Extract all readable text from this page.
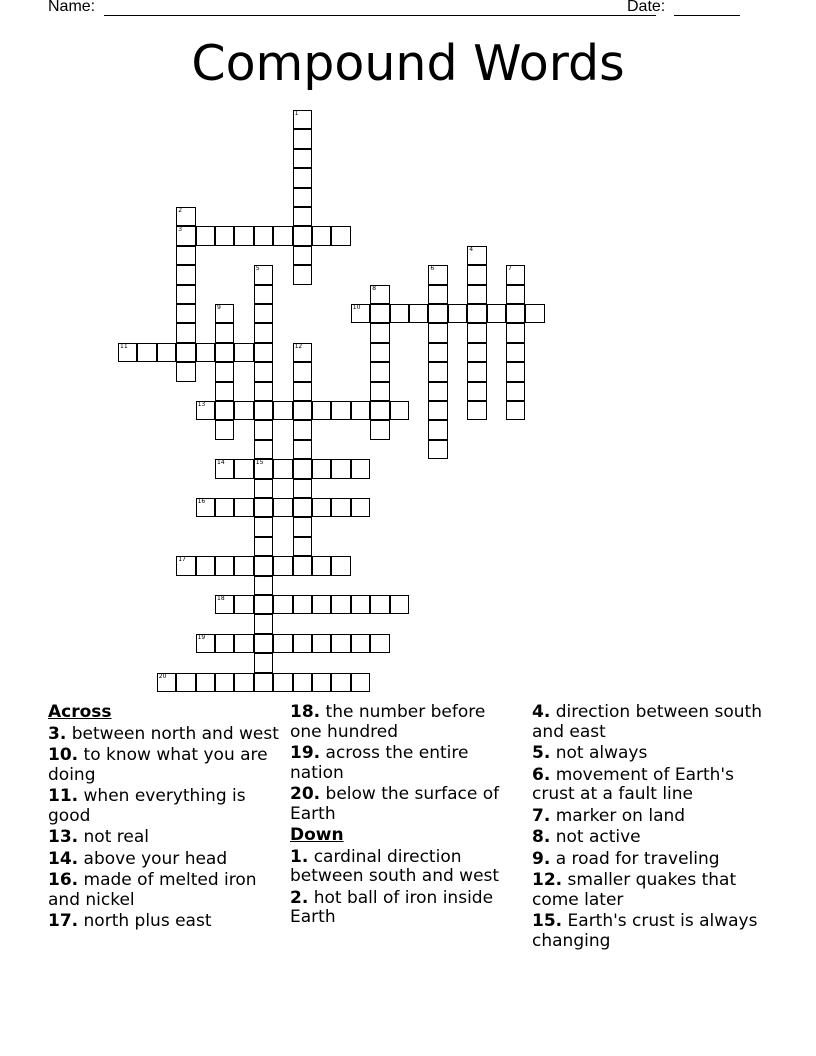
Name:	Date:
Compound Words
3
10
11
13
14	15
16
17
18
19
20
1
2
4
5	6	7
8
9
12
Across
3. between north and west
10. to know what you are doing
11. when everything is good
13. not real
14. above your head
16. made of melted iron and nickel
17. north plus east
18. the number before one hundred
19. across the entire nation
20. below the surface of Earth
Down
1. cardinal direction between south and west
2. hot ball of iron inside Earth
4. direction between south and east
5. not always
6. movement of Earth's crust at a fault line
7. marker on land
8. not active
9. a road for traveling
12. smaller quakes that come later
15. Earth's crust is always changing
